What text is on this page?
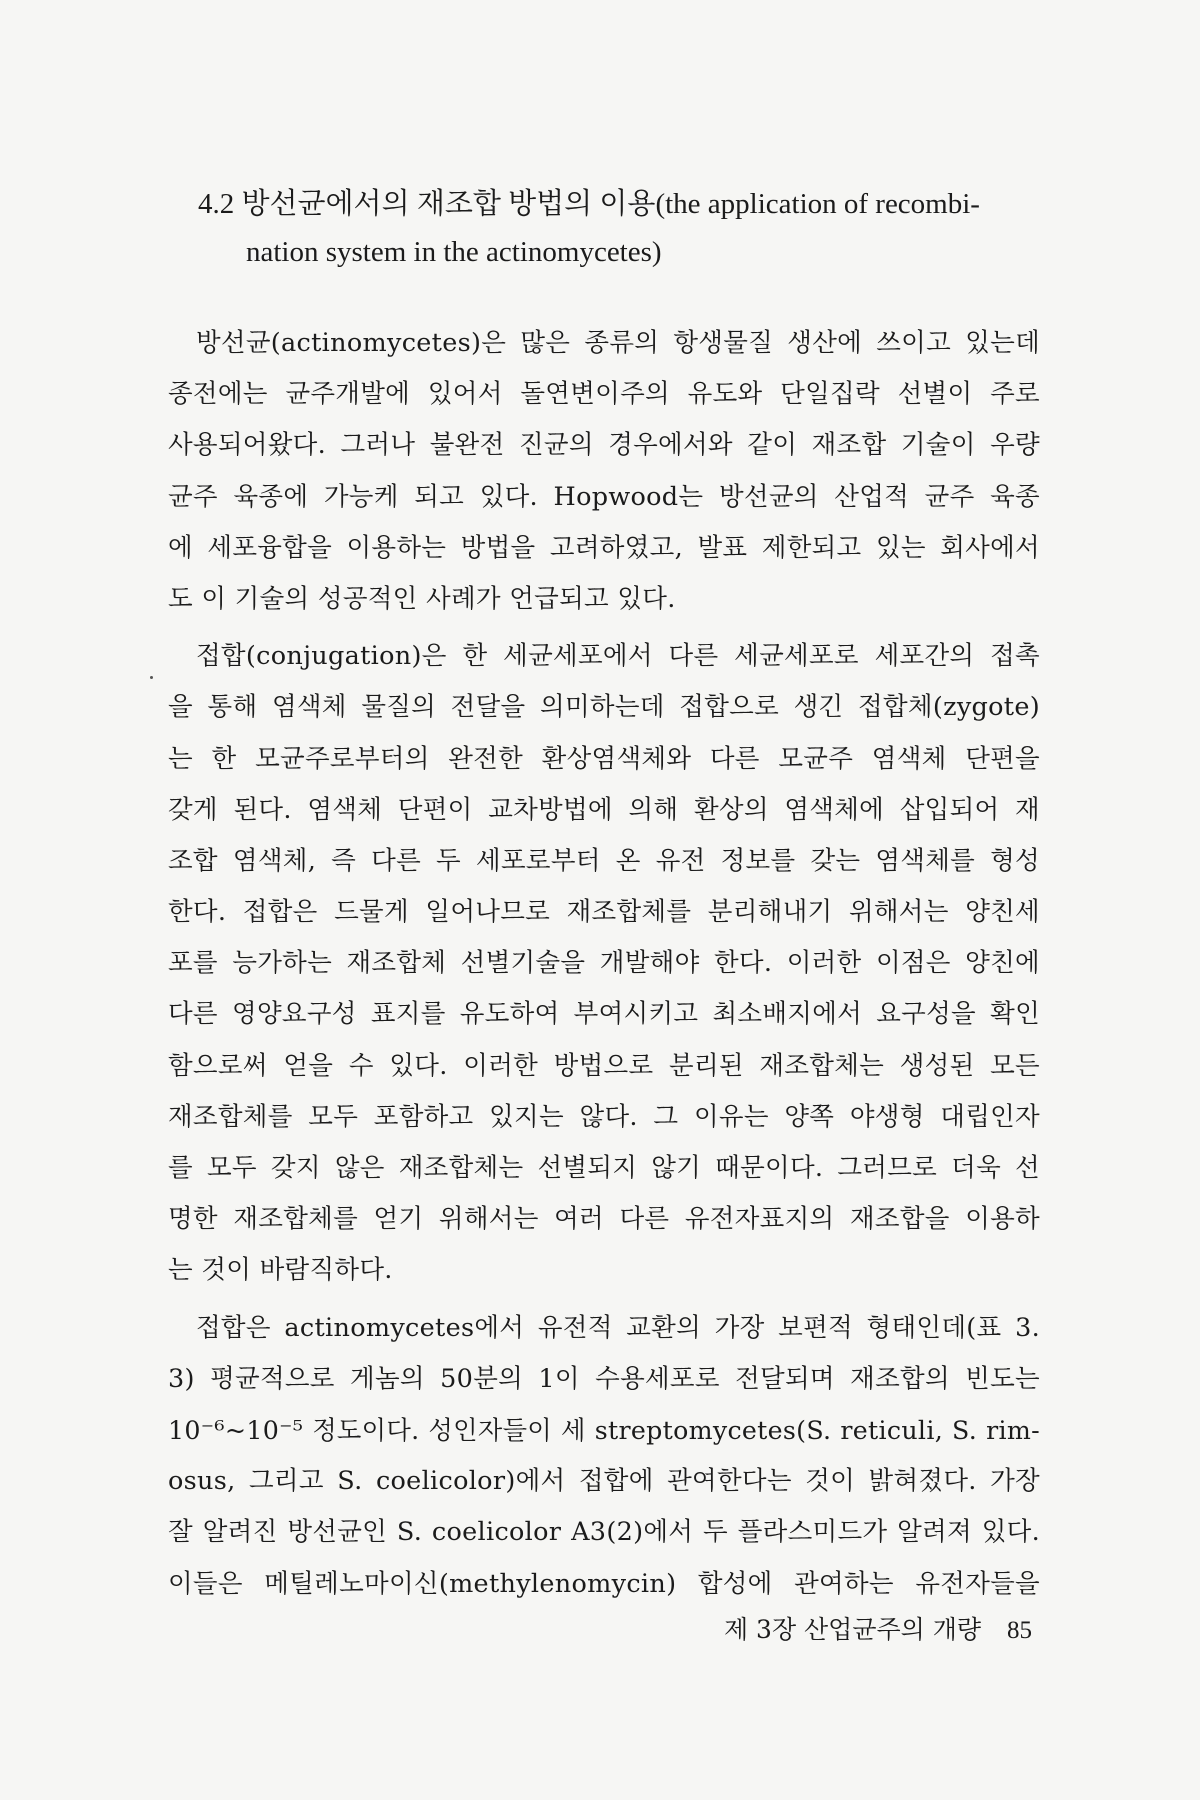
4.2 방선균에서의 재조합 방법의 이용(the application of recombi-
nation system in the actinomycetes)
방선균(actinomycetes)은 많은 종류의 항생물질 생산에 쓰이고 있는데
종전에는 균주개발에 있어서 돌연변이주의 유도와 단일집락 선별이 주로
사용되어왔다. 그러나 불완전 진균의 경우에서와 같이 재조합 기술이 우량
균주 육종에 가능케 되고 있다. Hopwood는 방선균의 산업적 균주 육종
에 세포융합을 이용하는 방법을 고려하였고, 발표 제한되고 있는 회사에서
도 이 기술의 성공적인 사례가 언급되고 있다.
접합(conjugation)은 한 세균세포에서 다른 세균세포로 세포간의 접촉
을 통해 염색체 물질의 전달을 의미하는데 접합으로 생긴 접합체(zygote)
는 한 모균주로부터의 완전한 환상염색체와 다른 모균주 염색체 단편을
갖게 된다. 염색체 단편이 교차방법에 의해 환상의 염색체에 삽입되어 재
조합 염색체, 즉 다른 두 세포로부터 온 유전 정보를 갖는 염색체를 형성
한다. 접합은 드물게 일어나므로 재조합체를 분리해내기 위해서는 양친세
포를 능가하는 재조합체 선별기술을 개발해야 한다. 이러한 이점은 양친에
다른 영양요구성 표지를 유도하여 부여시키고 최소배지에서 요구성을 확인
함으로써 얻을 수 있다. 이러한 방법으로 분리된 재조합체는 생성된 모든
재조합체를 모두 포함하고 있지는 않다. 그 이유는 양쪽 야생형 대립인자
를 모두 갖지 않은 재조합체는 선별되지 않기 때문이다. 그러므로 더욱 선
명한 재조합체를 얻기 위해서는 여러 다른 유전자표지의 재조합을 이용하
는 것이 바람직하다.
접합은 actinomycetes에서 유전적 교환의 가장 보편적 형태인데(표 3.
3) 평균적으로 게놈의 50분의 1이 수용세포로 전달되며 재조합의 빈도는
10⁻⁶~10⁻⁵ 정도이다. 성인자들이 세 streptomycetes(S. reticuli, S. rim-
osus, 그리고 S. coelicolor)에서 접합에 관여한다는 것이 밝혀졌다. 가장
잘 알려진 방선균인 S. coelicolor A3(2)에서 두 플라스미드가 알려져 있다.
이들은 메틸레노마이신(methylenomycin) 합성에 관여하는 유전자들을
제 3장 산업균주의 개량 85
